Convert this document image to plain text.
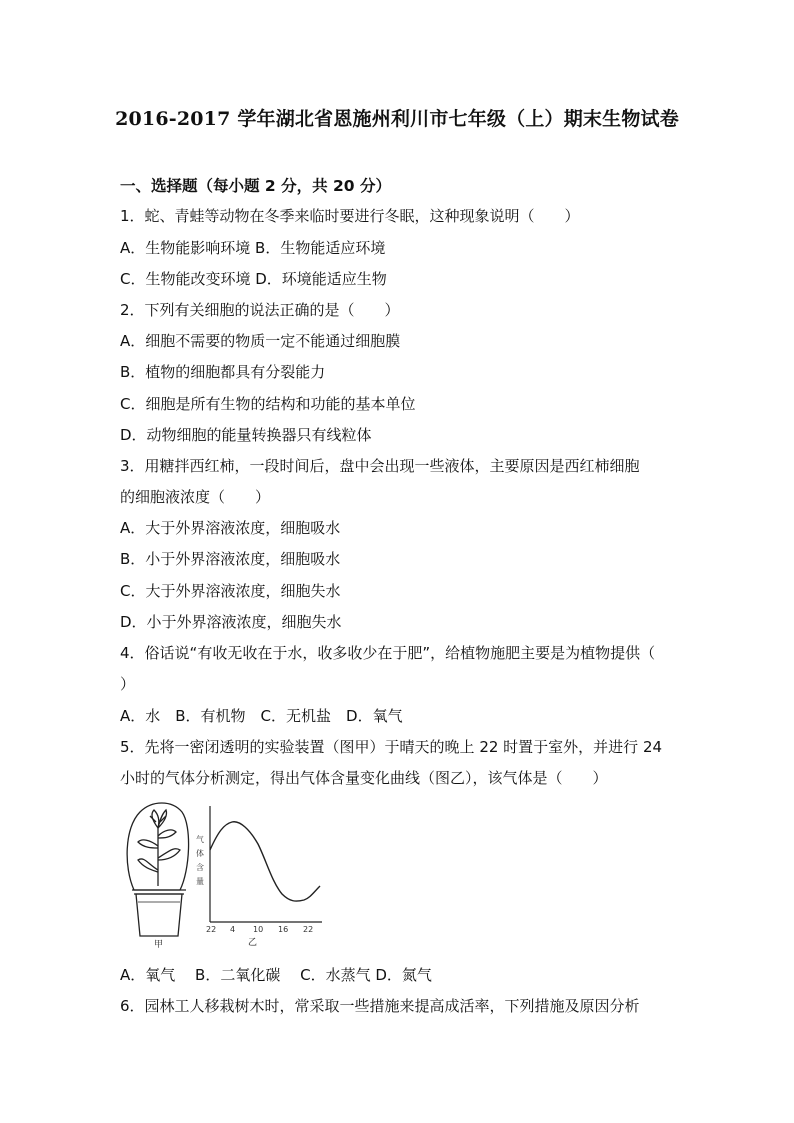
2016-2017 学年湖北省恩施州利川市七年级（上）期末生物试卷
一、选择题（每小题 2 分，共 20 分）
1．蛇、青蛙等动物在冬季来临时要进行冬眠，这种现象说明（　　）
A．生物能影响环境 B．生物能适应环境
C．生物能改变环境 D．环境能适应生物
2．下列有关细胞的说法正确的是（　　）
A．细胞不需要的物质一定不能通过细胞膜
B．植物的细胞都具有分裂能力
C．细胞是所有生物的结构和功能的基本单位
D．动物细胞的能量转换器只有线粒体
3．用糖拌西红柿，一段时间后，盘中会出现一些液体，主要原因是西红柿细胞
的细胞液浓度（　　）
A．大于外界溶液浓度，细胞吸水
B．小于外界溶液浓度，细胞吸水
C．大于外界溶液浓度，细胞失水
D．小于外界溶液浓度，细胞失水
4．俗话说“有收无收在于水，收多收少在于肥”，给植物施肥主要是为植物提供（
）
A．水　B．有机物　C．无机盐　D．氧气
5．先将一密闭透明的实验装置（图甲）于晴天的晚上 22 时置于室外，并进行 24
小时的气体分析测定，得出气体含量变化曲线（图乙），该气体是（　　）
甲
气
体
含
量
22 4 10 16 22
乙
A．氧气　 B．二氧化碳　 C．水蒸气 D．氮气
6．园林工人移栽树木时，常采取一些措施来提高成活率，下列措施及原因分析
